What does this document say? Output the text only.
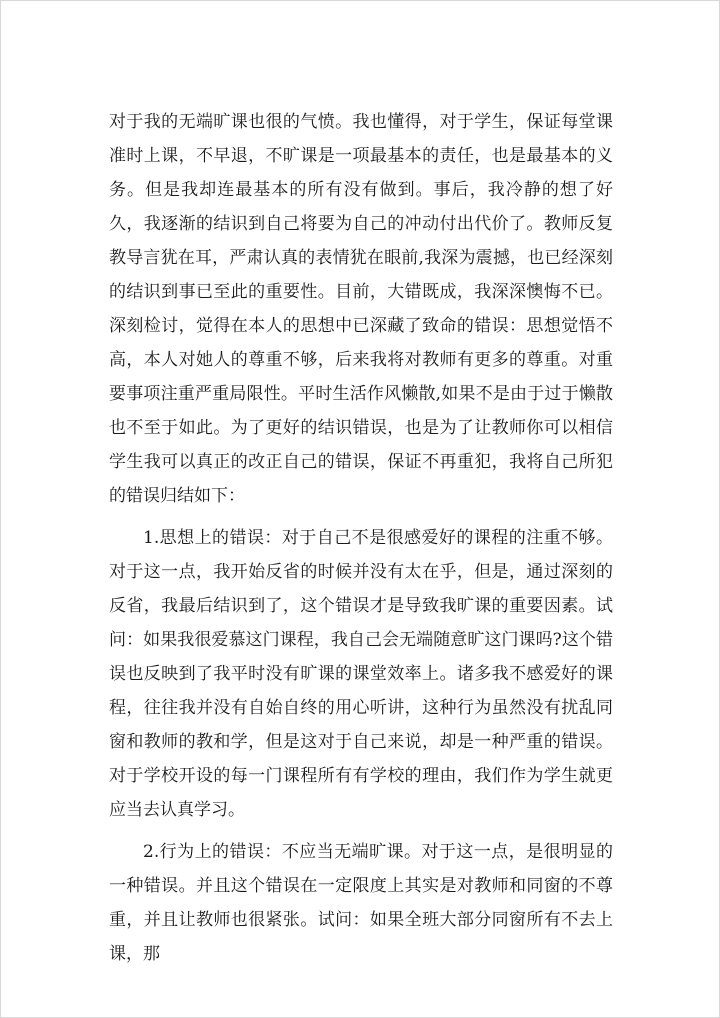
对于我的无端旷课也很的气愤。我也懂得，对于学生，保证每堂课准时上课，不早退，不旷课是一项最基本的责任，也是最基本的义务。但是我却连最基本的所有没有做到。事后，我冷静的想了好久，我逐渐的结识到自己将要为自己的冲动付出代价了。教师反复教导言犹在耳，严肃认真的表情犹在眼前,我深为震撼，也已经深刻的结识到事已至此的重要性。目前，大错既成，我深深懊悔不已。深刻检讨，觉得在本人的思想中已深藏了致命的错误：思想觉悟不高，本人对她人的尊重不够，后来我将对教师有更多的尊重。对重要事项注重严重局限性。平时生活作风懒散,如果不是由于过于懒散也不至于如此。为了更好的结识错误，也是为了让教师你可以相信学生我可以真正的改正自己的错误，保证不再重犯，我将自己所犯的错误归结如下：

1.思想上的错误：对于自己不是很感爱好的课程的注重不够。对于这一点，我开始反省的时候并没有太在乎，但是，通过深刻的反省，我最后结识到了，这个错误才是导致我旷课的重要因素。试问：如果我很爱慕这门课程，我自己会无端随意旷这门课吗?这个错误也反映到了我平时没有旷课的课堂效率上。诸多我不感爱好的课程，往往我并没有自始自终的用心听讲，这种行为虽然没有扰乱同窗和教师的教和学，但是这对于自己来说，却是一种严重的错误。对于学校开设的每一门课程所有有学校的理由，我们作为学生就更应当去认真学习。

2.行为上的错误：不应当无端旷课。对于这一点，是很明显的一种错误。并且这个错误在一定限度上其实是对教师和同窗的不尊重，并且让教师也很紧张。试问：如果全班大部分同窗所有不去上课，那
